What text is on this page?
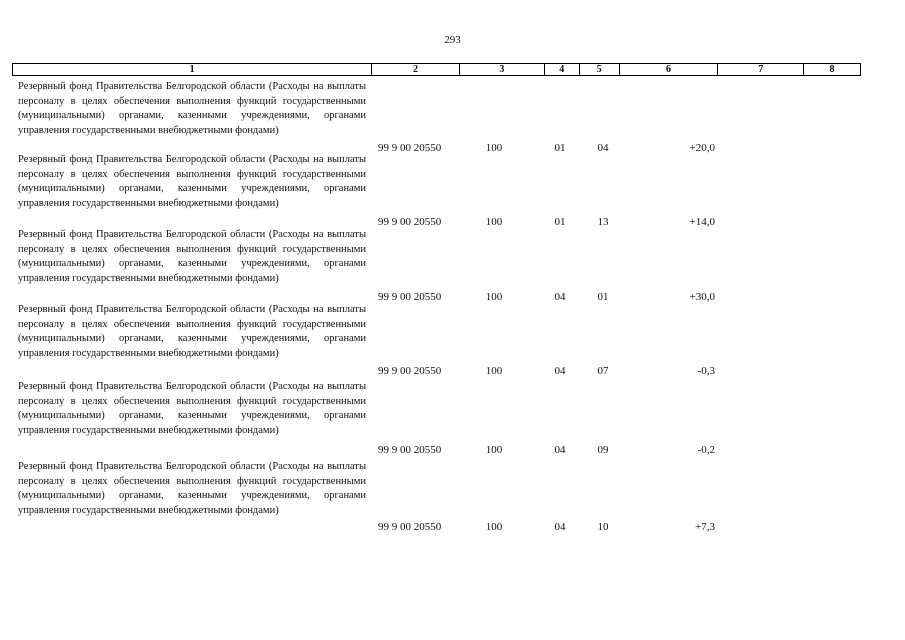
293
1	2	3	4	5	6	7	8
Резервный фонд Правительства Белгородской области (Расходы на выплаты персоналу в целях обеспечения выполнения функций государственными (муниципальными) органами, казенными учреждениями, органами управления государственными внебюджетными фондами)
99 9 00 20550	100	01	04	+20,0
Резервный фонд Правительства Белгородской области (Расходы на выплаты персоналу в целях обеспечения выполнения функций государственными (муниципальными) органами, казенными учреждениями, органами управления государственными внебюджетными фондами)
99 9 00 20550	100	01	13	+14,0
Резервный фонд Правительства Белгородской области (Расходы на выплаты персоналу в целях обеспечения выполнения функций государственными (муниципальными) органами, казенными учреждениями, органами управления государственными внебюджетными фондами)
99 9 00 20550	100	04	01	+30,0
Резервный фонд Правительства Белгородской области (Расходы на выплаты персоналу в целях обеспечения выполнения функций государственными (муниципальными) органами, казенными учреждениями, органами управления государственными внебюджетными фондами)
99 9 00 20550	100	04	07	-0,3
Резервный фонд Правительства Белгородской области (Расходы на выплаты персоналу в целях обеспечения выполнения функций государственными (муниципальными) органами, казенными учреждениями, органами управления государственными внебюджетными фондами)
99 9 00 20550	100	04	09	-0,2
Резервный фонд Правительства Белгородской области (Расходы на выплаты персоналу в целях обеспечения выполнения функций государственными (муниципальными) органами, казенными учреждениями, органами управления государственными внебюджетными фондами)
99 9 00 20550	100	04	10	+7,3
